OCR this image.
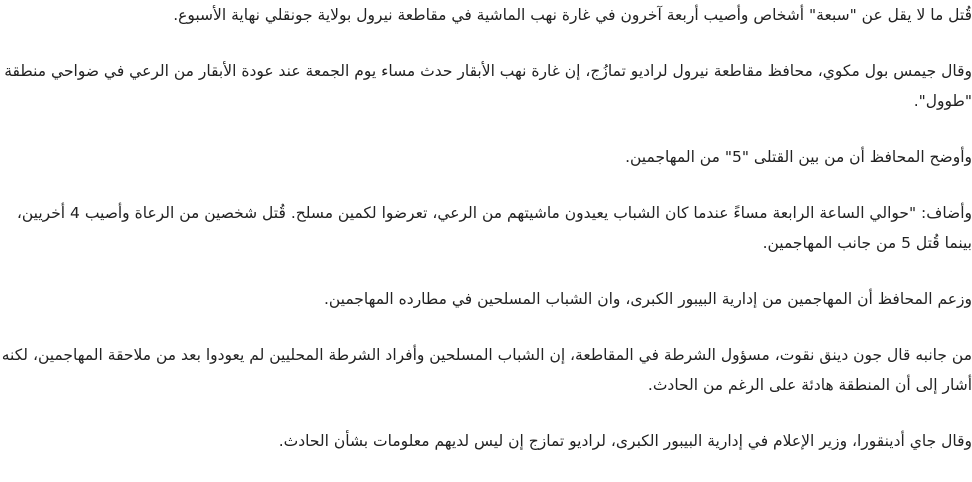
قُتل ما لا يقل عن "سبعة" أشخاص وأصيب أربعة آخرون في غارة نهب الماشية في مقاطعة نيرول بولاية جونقلي نهاية الأسبوع.

وقال جيمس بول مكوي، محافظ مقاطعة نيرول لراديو تمازُج، إن غارة نهب الأبقار حدث مساء يوم الجمعة عند عودة الأبقار من الرعي في ضواحي منطقة "طوول".

وأوضح المحافظ أن من بين القتلى "5" من المهاجمين.

وأضاف: "حوالي الساعة الرابعة مساءً عندما كان الشباب يعيدون ماشيتهم من الرعي، تعرضوا لكمين مسلح. قُتل شخصين من الرعاة وأصيب 4 أخريين، بينما قُتل 5 من جانب المهاجمين.

وزعم المحافظ أن المهاجمين من إدارية البيبور الكبرى، وان الشباب المسلحين في مطارده المهاجمين.

من جانبه قال جون دينق نقوت، مسؤول الشرطة في المقاطعة، إن الشباب المسلحين وأفراد الشرطة المحليين لم يعودوا بعد من ملاحقة المهاجمين، لكنه أشار إلى أن المنطقة هادئة على الرغم من الحادث.

وقال جاي أدينقورا، وزير الإعلام في إدارية البيبور الكبرى، لراديو تمازج إن ليس لديهم معلومات بشأن الحادث.
